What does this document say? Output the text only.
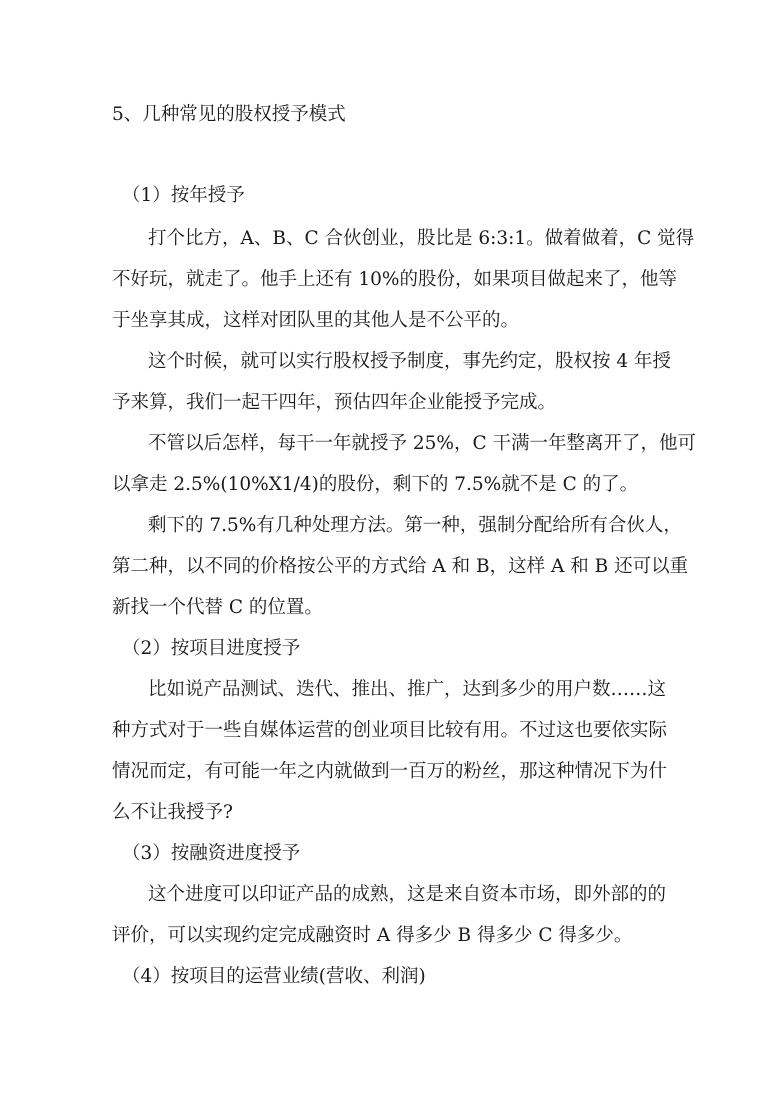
5、几种常见的股权授予模式
（1）按年授予
打个比方，A、B、C 合伙创业，股比是 6:3:1。做着做着，C 觉得
不好玩，就走了。他手上还有 10%的股份，如果项目做起来了，他等
于坐享其成，这样对团队里的其他人是不公平的。
这个时候，就可以实行股权授予制度，事先约定，股权按 4 年授
予来算，我们一起干四年，预估四年企业能授予完成。
不管以后怎样，每干一年就授予 25%，C 干满一年整离开了，他可
以拿走 2.5%(10%X1/4)的股份，剩下的 7.5%就不是 C 的了。
剩下的 7.5%有几种处理方法。第一种，强制分配给所有合伙人，
第二种，以不同的价格按公平的方式给 A 和 B，这样 A 和 B 还可以重
新找一个代替 C 的位置。
（2）按项目进度授予
比如说产品测试、迭代、推出、推广，达到多少的用户数……这
种方式对于一些自媒体运营的创业项目比较有用。不过这也要依实际
情况而定，有可能一年之内就做到一百万的粉丝，那这种情况下为什
么不让我授予?
（3）按融资进度授予
这个进度可以印证产品的成熟，这是来自资本市场，即外部的的
评价，可以实现约定完成融资时 A 得多少 B 得多少 C 得多少。
（4）按项目的运营业绩(营收、利润)
